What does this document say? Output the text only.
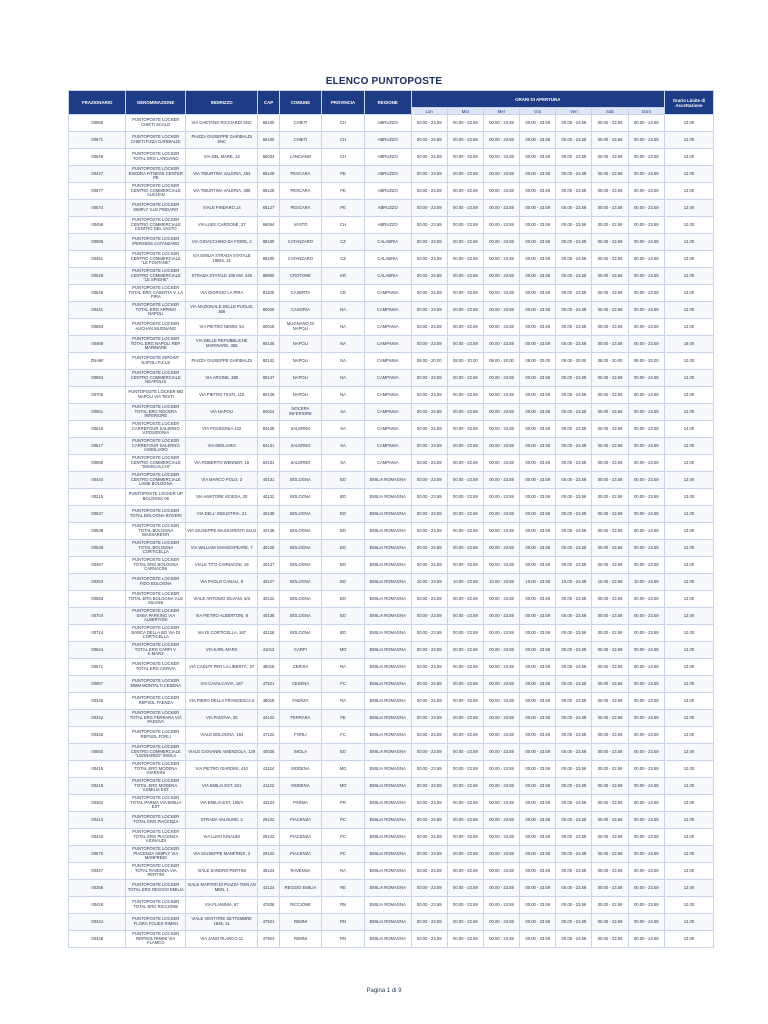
ELENCO PUNTOPOSTE
FRAZIONARIO	DENOMINAZIONE	INDIRIZZO	CAP	COMUNE	PROVINCIA	REGIONE	ORARI DI APERTURA							Orario Limite di Accettazione
							Lun	Mar	Mer	Gio	Ven	Sab	Dom	
00658	PUNTOPOSTE LOCKER CHIETI SCALO	VIA GAETANO RICCIARDI SNC	66100	CHIETI	CH	ABRUZZO	00.00 - 23.59	00.00 - 23.59	00.00 - 23.59	00.00 - 23.59	00.00 - 23.59	00.00 - 23.59	00.00 - 23.59	12.00
00671	PUNTOPOSTE LOCKER CHIETI P.ZZA GARIBALDI	PIAZZA GIUSEPPE GARIBALDI SNC	66100	CHIETI	CH	ABRUZZO	00.00 - 23.59	00.00 - 23.59	00.00 - 23.59	00.00 - 23.59	00.00 - 23.59	00.00 - 23.59	00.00 - 23.59	12.00
00546	PUNTOPOSTE LOCKER TOTAL ERG LANCIANO	VIA DEL MARE, 13	66034	LANCIANO	CH	ABRUZZO	00.00 - 23.59	00.00 - 23.59	00.00 - 23.59	00.00 - 23.59	00.00 - 23.59	00.00 - 23.59	00.00 - 23.59	12.00
00447	PUNTOPOSTE LOCKER EXEDRA FITNESS CENTER PE	VIA TIBURTINA VALERIA, 463	65129	PESCARA	PE	ABRUZZO	00.00 - 23.59	00.00 - 23.59	00.00 - 23.59	00.00 - 23.59	00.00 - 23.59	00.00 - 23.59	00.00 - 23.59	12.00
00677	PUNTOPOSTE LOCKER CENTRO COMMERCIALE AUCHAN	VIA TIBURTINA VALERIA, 386	65128	PESCARA	PE	ABRUZZO	00.00 - 23.59	00.00 - 23.59	00.00 - 23.59	00.00 - 23.59	00.00 - 23.59	00.00 - 23.59	00.00 - 23.59	12.00
00674	PUNTOPOSTE LOCKER SIMPLY V.LE PINDARO	VIALE PINDARO,14	65127	PESCARA	PE	ABRUZZO	00.00 - 23.59	00.00 - 23.59	00.00 - 23.59	00.00 - 23.59	00.00 - 23.59	00.00 - 23.59	00.00 - 23.59	12.00
00459	PUNTOPOSTE LOCKER CENTRO COMMERCIALE CENTRO DEL VASTO	VIA LUIGI CARDONE, 37	66054	VASTO	CH	ABRUZZO	00.00 - 23.59	00.00 - 23.59	00.00 - 23.59	00.00 - 23.59	00.00 - 23.59	00.00 - 23.59	00.00 - 23.59	12.00
00698	PUNTOPOSTE LOCKER IPERSIDIS CATANZARO	VIA GIOACCHINO DA FIORE, 2	88100	CATANZARO	CZ	CALABRIA	00.00 - 23.59	00.00 - 23.59	00.00 - 23.59	00.00 - 23.59	00.00 - 23.59	00.00 - 23.59	00.00 - 23.59	12.00
00451	PUNTOPOSTE LOCKER CENTRO COMMERCIALE "LE FONTANE"	VIA EMILIA STRADA STATALE 19BIS, 31	88100	CATANZARO	CZ	CALABRIA	00.00 - 23.59	00.00 - 23.59	00.00 - 23.59	00.00 - 23.59	00.00 - 23.59	00.00 - 23.59	00.00 - 23.59	12.00
00529	PUNTOPOSTE LOCKER CENTRO COMMERCIALE "LE SPIGHE"	STRADA STATALE 106 KM. 249	88900	CROTONE	KR	CALABRIA	00.00 - 23.59	00.00 - 23.59	00.00 - 23.59	00.00 - 23.59	00.00 - 23.59	00.00 - 23.59	00.00 - 23.59	12.00
00545	PUNTOPOSTE LOCKER TOTAL ERG CASERTA V. LA PIRA	VIA GIORGIO LA PIRA	81100	CASERTA	CE	CAMPANIA	00.00 - 23.59	00.00 - 23.59	00.00 - 23.59	00.00 - 23.59	00.00 - 23.59	00.00 - 23.59	00.00 - 23.59	12.00
00441	PUNTOPOSTE LOCKER TOTAL ERG ARPINO NAPOLI	VIA NAZIONALE DELLE PUGLIE, 366	80026	CASORIA	NA	CAMPANIA	00.00 - 23.59	00.00 - 23.59	00.00 - 23.59	00.00 - 23.59	00.00 - 23.59	00.00 - 23.59	00.00 - 23.59	12.00
00693	PUNTOPOSTE LOCKER AUCHAN MUGNANO	VIA PIETRO NENNI, 54	80018	MUGNANO DI NAPOLI	NA	CAMPANIA	00.00 - 23.59	00.00 - 23.59	00.00 - 23.59	00.00 - 23.59	00.00 - 23.59	00.00 - 23.59	00.00 - 23.59	12.00
00468	PUNTOPOSTE LOCKER TOTAL ERG NAPOLI REP. MARINARE	VIA DELLE REPUBBLICHE MARINARE, 355	80146	NAPOLI	NA	CAMPANIA	00.00 - 23.59	00.00 - 23.59	00.00 - 23.59	00.00 - 23.59	00.00 - 23.59	00.00 - 23.59	00.00 - 23.59	16.00
ZNA6F	PUNTOPOSTE INPOINT NAPOLI P.Z.LE	PIAZZA GIUSEPPE GARIBALDI	80142	NAPOLI	NA	CAMPANIA	08.00 - 20.00	08.00 - 20.00	08.00 - 20.00	08.00 - 20.00	08.00 - 20.00	08.00 - 20.00	08.00 - 20.00	12.00
00694	PUNTOPOSTE LOCKER CENTRO COMMERCIALE NEAPOLIS	VIA ARGINE, 380	80147	NAPOLI	NA	CAMPANIA	00.00 - 23.59	00.00 - 23.59	00.00 - 23.59	00.00 - 23.59	00.00 - 23.59	00.00 - 23.59	00.00 - 23.59	12.00
00705	PUNTOPOSTE LOCKER MD NAPOLI VIA TESTI	VIA PIETRO TESTI, 115	80126	NAPOLI	NA	CAMPANIA	00.00 - 23.59	00.00 - 23.59	00.00 - 23.59	00.00 - 23.59	00.00 - 23.59	00.00 - 23.59	00.00 - 23.59	12.00
00551	PUNTOPOSTE LOCKER TOTAL ERG NOCERA INFERIORE	VIA NAPOLI	84014	NOCERA INFERIORE	SA	CAMPANIA	00.00 - 23.59	00.00 - 23.59	00.00 - 23.59	00.00 - 23.59	00.00 - 23.59	00.00 - 23.59	00.00 - 23.59	12.00
00516	PUNTOPOSTE LOCKER CARREFOUR SALERNO V.POSIDONIA	VIA POSIDONIA 132	84128	SALERNO	SA	CAMPANIA	00.00 - 23.59	00.00 - 23.59	00.00 - 23.59	00.00 - 23.59	00.00 - 23.59	00.00 - 23.59	00.00 - 23.59	14.00
00517	PUNTOPOSTE LOCKER CARREFOUR SALERNO V.MIGLIARO	VIA MIGLIARO	84131	SALERNO	SA	CAMPANIA	00.00 - 23.59	00.00 - 23.59	00.00 - 23.59	00.00 - 23.59	00.00 - 23.59	00.00 - 23.59	00.00 - 23.59	12.00
00656	PUNTOPOSTE LOCKER CENTRO COMMERCIALE "SINISCALCHI"	VIA ROBERTO WENNER, 18	84131	SALERNO	SA	CAMPANIA	00.00 - 23.59	00.00 - 23.59	00.00 - 23.59	00.00 - 23.59	00.00 - 23.59	00.00 - 23.59	00.00 - 23.59	12.00
00444	PUNTOPOSTE LOCKER CENTRO COMMERCIALE LAME BOLOGNA	VIA MARCO POLO, 3	40131	BOLOGNA	BO	EMILIA ROMAGNA	00.00 - 23.59	00.00 - 23.59	00.00 - 23.59	00.00 - 23.59	00.00 - 23.59	00.00 - 23.59	00.00 - 23.59	12.00
00215	PUNTOPOSTE LOCKER UP BOLOGNA 06	VIA AMATORE SCIESA, 20	40132	BOLOGNA	BO	EMILIA ROMAGNA	00.00 - 23.59	00.00 - 23.59	00.00 - 23.59	00.00 - 23.59	00.00 - 23.59	00.00 - 23.59	00.00 - 23.59	13.00
00537	PUNTOPOSTE LOCKER TOTAL BOLOGNA ROVERI	VIA DELL' INDUSTRIA, 21	40138	BOLOGNA	BO	EMILIA ROMAGNA	00.00 - 23.59	00.00 - 23.59	00.00 - 23.59	00.00 - 23.59	00.00 - 23.59	00.00 - 23.59	00.00 - 23.59	12.00
00538	PUNTOPOSTE LOCKER TOTAL BOLOGNA MASSARENTI	VIA GIUSEPPE MASSARENTI 221/2	40138	BOLOGNA	BO	EMILIA ROMAGNA	00.00 - 23.59	00.00 - 23.59	00.00 - 23.59	00.00 - 23.59	00.00 - 23.59	00.00 - 23.59	00.00 - 23.59	12.00
00539	PUNTOPOSTE LOCKER TOTAL BOLOGNA CORTICELLA	VIA WILLIAM SHAKESPEARE, 7	40128	BOLOGNA	BO	EMILIA ROMAGNA	00.00 - 23.59	00.00 - 23.59	00.00 - 23.59	00.00 - 23.59	00.00 - 23.59	00.00 - 23.59	00.00 - 23.59	12.00
00457	PUNTOPOSTE LOCKER TOTAL ERG BOLOGNA CARNACINI	VIALE TITO CARNACINI, 19	40137	BOLOGNA	BO	EMILIA ROMAGNA	00.00 - 23.59	00.00 - 23.59	00.00 - 23.59	00.00 - 23.59	00.00 - 23.59	00.00 - 23.59	00.00 - 23.59	12.00
00253	PUNTOPOSTE LOCKER FIDO BOLOGNA	VIA PAOLO CANALI, 8	40127	BOLOGNA	BO	EMILIA ROMAGNA	10.00 - 23.59	10.00 - 23.59	10.00 - 23.59	10.00 - 23.59	10.00 - 23.59	10.00 - 23.59	10.00 - 23.59	12.00
00563	PUNTOPOSTE LOCKER TOTAL ERG BOLOGNA V.LE SILVANI	VIALE ANTONIO SILVANI, 6/3	40122	BOLOGNA	BO	EMILIA ROMAGNA	00.00 - 23.59	00.00 - 23.59	00.00 - 23.59	00.00 - 23.59	00.00 - 23.59	00.00 - 23.59	00.00 - 23.59	12.00
00704	PUNTOPOSTE LOCKER SABA PARKING VIA ALBERTONI	VIA PIETRO ALBERTONI, 8	40138	BOLOGNA	BO	EMILIA ROMAGNA	00.00 - 23.59	00.00 - 23.59	00.00 - 23.59	00.00 - 23.59	00.00 - 23.59	00.00 - 23.59	00.00 - 23.59	12.00
00714	PUNTOPOSTE LOCKER BANCA DELLA BO VIA DI CORTICELLA	VIA DI CORTICELLA, 187	40128	BOLOGNA	BO	EMILIA ROMAGNA	00.00 - 23.59	00.00 - 23.59	00.00 - 23.59	00.00 - 23.59	00.00 - 23.59	00.00 - 23.59	00.00 - 23.59	12.00
00544	PUNTOPOSTE LOCKER TOTAL ERG CARPI V. K.MARX	VIA KARL MARX	41012	CARPI	MO	EMILIA ROMAGNA	00.00 - 23.59	00.00 - 23.59	00.00 - 23.59	00.00 - 23.59	00.00 - 23.59	00.00 - 23.59	00.00 - 23.59	12.00
00571	PUNTOPOSTE LOCKER TOTAL ERG CERVIA	VIA CADUTI PER LA LIBERTA', 37	48015	CERVIA	RA	EMILIA ROMAGNA	00.00 - 23.59	00.00 - 23.59	00.00 - 23.59	00.00 - 23.59	00.00 - 23.59	00.00 - 23.59	00.00 - 23.59	12.00
00657	PUNTOPOSTE LOCKER MMM MONTALTI CESENA	VIA CAVALCAVIA, 187	47521	CESENA	FC	EMILIA ROMAGNA	00.00 - 23.59	00.00 - 23.59	00.00 - 23.59	00.00 - 23.59	00.00 - 23.59	00.00 - 23.59	00.00 - 23.59	12.00
00345	PUNTOPOSTE LOCKER REPSOL FAENZA	VIA PIERO DELLA FRANCESCA,5	48018	FAENZA	RA	EMILIA ROMAGNA	00.00 - 23.59	00.00 - 23.59	00.00 - 23.59	00.00 - 23.59	00.00 - 23.59	00.00 - 23.59	00.00 - 23.59	12.00
00342	PUNTOPOSTE LOCKER TOTAL ERG FERRARA VIA PADOVA	VIA PADOVA, 30	44122	FERRARA	FE	EMILIA ROMAGNA	00.00 - 23.59	00.00 - 23.59	00.00 - 23.59	00.00 - 23.59	00.00 - 23.59	00.00 - 23.59	00.00 - 23.59	12.00
00346	PUNTOPOSTE LOCKER REPSOL FORLI	VIALE BOLOGNA, 164	47122	FORLI	FC	EMILIA ROMAGNA	00.00 - 23.59	00.00 - 23.59	00.00 - 23.59	00.00 - 23.59	00.00 - 23.59	00.00 - 23.59	00.00 - 23.59	12.00
00550	PUNTOPOSTE LOCKER CENTRO COMMERCIALE "LEONARDO" IMOLA	VIALE GIOVANNI AMENDOLA, 129	40026	IMOLA	BO	EMILIA ROMAGNA	00.00 - 23.59	00.00 - 23.59	00.00 - 23.59	00.00 - 23.59	00.00 - 23.59	00.00 - 23.59	00.00 - 23.59	12.00
00415	PUNTOPOSTE LOCKER TOTAL ERG MODENA GIARDINI	VIA PIETRO GIARDINI, 410	41124	MODENA	MO	EMILIA ROMAGNA	00.00 - 23.59	00.00 - 23.59	00.00 - 23.59	00.00 - 23.59	00.00 - 23.59	00.00 - 23.59	00.00 - 23.59	12.00
00419	PUNTOPOSTE LOCKER TOTAL ERG MODENA V.EMILIA EST	VIA EMILIA EST, 821	41122	MODENA	MO	EMILIA ROMAGNA	00.00 - 23.59	00.00 - 23.59	00.00 - 23.59	00.00 - 23.59	00.00 - 23.59	00.00 - 23.59	00.00 - 23.59	12.00
00362	PUNTOPOSTE LOCKER TOTAL PARMA VIA EMILIA EST	VIA EMILIA EST, 105/A	43123	PARMA	PR	EMILIA ROMAGNA	00.00 - 23.59	00.00 - 23.59	00.00 - 23.59	00.00 - 23.59	00.00 - 23.59	00.00 - 23.59	00.00 - 23.59	12.00
00413	PUNTOPOSTE LOCKER TOTAL ERG PIACENZA	STRADA VALNURE, 3	29122	PIACENZA	PC	EMILIA ROMAGNA	00.00 - 23.59	00.00 - 23.59	00.00 - 23.59	00.00 - 23.59	00.00 - 23.59	00.00 - 23.59	00.00 - 23.59	12.00
00443	PUNTOPOSTE LOCKER TOTAL ERG PIACENZA V.EINAUDI	VIA LUIGI EINAUDI	29122	PIACENZA	PC	EMILIA ROMAGNA	00.00 - 23.59	00.00 - 23.59	00.00 - 23.59	00.00 - 23.59	00.00 - 23.59	00.00 - 23.59	00.00 - 23.59	12.00
00675	PUNTOPOSTE LOCKER PIACENZA SIMPLY VIA MANFREDI	VIA GIUSEPPE MANFREDI, 3	29122	PIACENZA	PC	EMILIA ROMAGNA	00.00 - 23.59	00.00 - 23.59	00.00 - 23.59	00.00 - 23.59	00.00 - 23.59	00.00 - 23.59	00.00 - 23.59	12.00
00347	PUNTOPOSTE LOCKER TOTAL RAVENNA VIA PERTINI	VIALE SANDRO PERTINI	48124	RAVENNA	RA	EMILIA ROMAGNA	00.00 - 23.59	00.00 - 23.59	00.00 - 23.59	00.00 - 23.59	00.00 - 23.59	00.00 - 23.59	00.00 - 23.59	12.00
00356	PUNTOPOSTE LOCKER TOTAL ERG REGGIO EMILIA	VIALE MARTIRI DI PIAZZA TIEN AN MEN, 1	42124	REGGIO EMILIA	RE	EMILIA ROMAGNA	00.00 - 23.59	00.00 - 23.59	00.00 - 23.59	00.00 - 23.59	00.00 - 23.59	00.00 - 23.59	00.00 - 23.59	12.00
00426	PUNTOPOSTE LOCKER TOTAL ERG RICCIONE	VIA FLAMINIA, 67	47838	RICCIONE	RN	EMILIA ROMAGNA	00.00 - 23.59	00.00 - 23.59	00.00 - 23.59	00.00 - 23.59	00.00 - 23.59	00.00 - 23.59	00.00 - 23.59	12.00
00344	PUNTOPOSTE LOCKER FLORA FOLIES RIMINI	VIALE VENTITRE SETTEMBRE 1845, 21	47921	RIMINI	RN	EMILIA ROMAGNA	00.00 - 23.59	00.00 - 23.59	00.00 - 23.59	00.00 - 23.59	00.00 - 23.59	00.00 - 23.59	00.00 - 23.59	12.00
00348	PUNTOPOSTE LOCKER REPSOL RIMINI VIA FLAMCO	VIA JANO PLANCO 11	47923	RIMINI	RN	EMILIA ROMAGNA	00.00 - 23.59	00.00 - 23.59	00.00 - 23.59	00.00 - 23.59	00.00 - 23.59	00.00 - 23.59	00.00 - 23.59	12.00
Pagina 1 di 9
